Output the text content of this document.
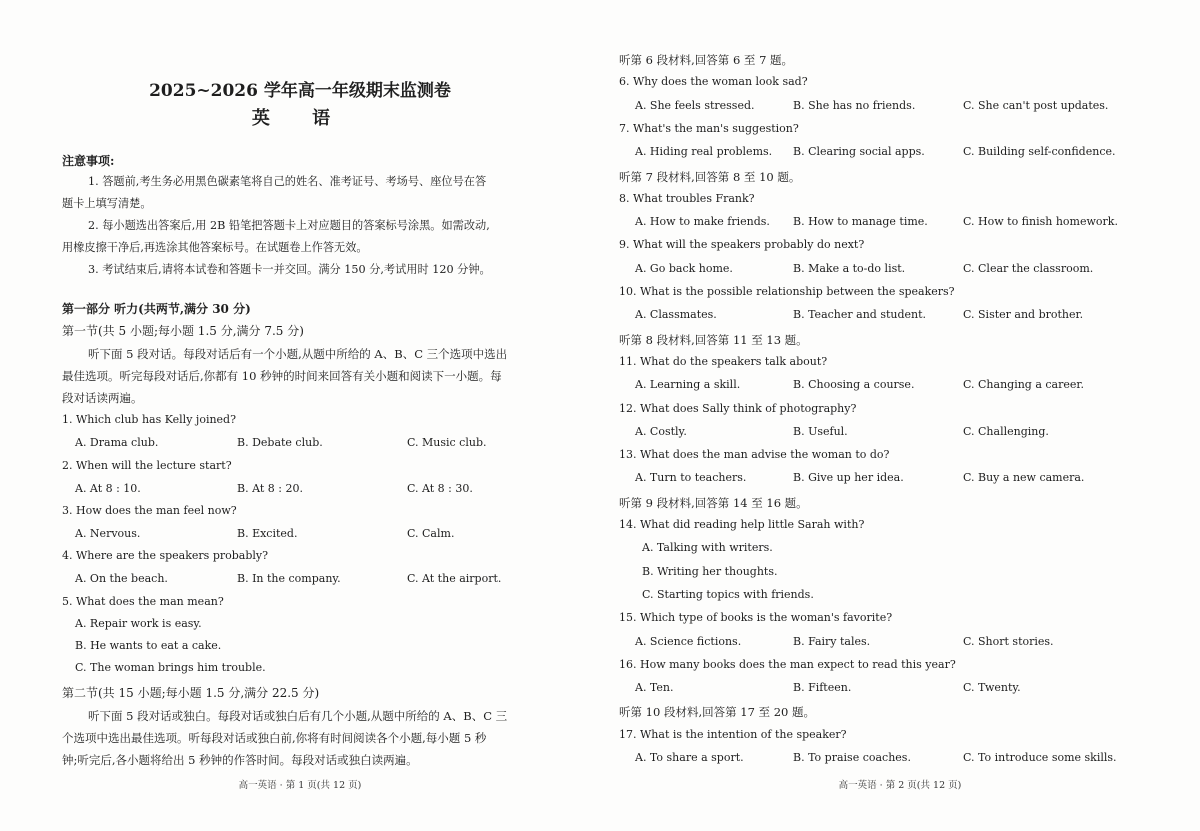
2025~2026 学年高一年级期末监测卷
英 语
注意事项:
1. 答题前,考生务必用黑色碳素笔将自己的姓名、准考证号、考场号、座位号在答
题卡上填写清楚。
2. 每小题选出答案后,用 2B 铅笔把答题卡上对应题目的答案标号涂黑。如需改动,
用橡皮擦干净后,再选涂其他答案标号。在试题卷上作答无效。
3. 考试结束后,请将本试卷和答题卡一并交回。满分 150 分,考试用时 120 分钟。
第一部分 听力(共两节,满分 30 分)
第一节(共 5 小题;每小题 1.5 分,满分 7.5 分)
听下面 5 段对话。每段对话后有一个小题,从题中所给的 A、B、C 三个选项中选出
最佳选项。听完每段对话后,你都有 10 秒钟的时间来回答有关小题和阅读下一小题。每
段对话读两遍。
1. Which club has Kelly joined?
A. Drama club.	B. Debate club.	C. Music club.
2. When will the lecture start?
A. At 8 : 10.	B. At 8 : 20.	C. At 8 : 30.
3. How does the man feel now?
A. Nervous.	B. Excited.	C. Calm.
4. Where are the speakers probably?
A. On the beach.	B. In the company.	C. At the airport.
5. What does the man mean?
A. Repair work is easy.
B. He wants to eat a cake.
C. The woman brings him trouble.
第二节(共 15 小题;每小题 1.5 分,满分 22.5 分)
听下面 5 段对话或独白。每段对话或独白后有几个小题,从题中所给的 A、B、C 三
个选项中选出最佳选项。听每段对话或独白前,你将有时间阅读各个小题,每小题 5 秒
钟;听完后,各小题将给出 5 秒钟的作答时间。每段对话或独白读两遍。
高一英语 · 第 1 页(共 12 页)
听第 6 段材料,回答第 6 至 7 题。
6. Why does the woman look sad?
A. She feels stressed.	B. She has no friends.	C. She can't post updates.
7. What's the man's suggestion?
A. Hiding real problems. B. Clearing social apps.	C. Building self-confidence.
听第 7 段材料,回答第 8 至 10 题。
8. What troubles Frank?
A. How to make friends. B. How to manage time.	C. How to finish homework.
9. What will the speakers probably do next?
A. Go back home.	B. Make a to-do list.	C. Clear the classroom.
10. What is the possible relationship between the speakers?
A. Classmates.	B. Teacher and student.	C. Sister and brother.
听第 8 段材料,回答第 11 至 13 题。
11. What do the speakers talk about?
A. Learning a skill.	B. Choosing a course.	C. Changing a career.
12. What does Sally think of photography?
A. Costly.	B. Useful.	C. Challenging.
13. What does the man advise the woman to do?
A. Turn to teachers.	B. Give up her idea.	C. Buy a new camera.
听第 9 段材料,回答第 14 至 16 题。
14. What did reading help little Sarah with?
A. Talking with writers.
B. Writing her thoughts.
C. Starting topics with friends.
15. Which type of books is the woman's favorite?
A. Science fictions.	B. Fairy tales.	C. Short stories.
16. How many books does the man expect to read this year?
A. Ten.	B. Fifteen.	C. Twenty.
听第 10 段材料,回答第 17 至 20 题。
17. What is the intention of the speaker?
A. To share a sport.	B. To praise coaches.	C. To introduce some skills.
高一英语 · 第 2 页(共 12 页)
